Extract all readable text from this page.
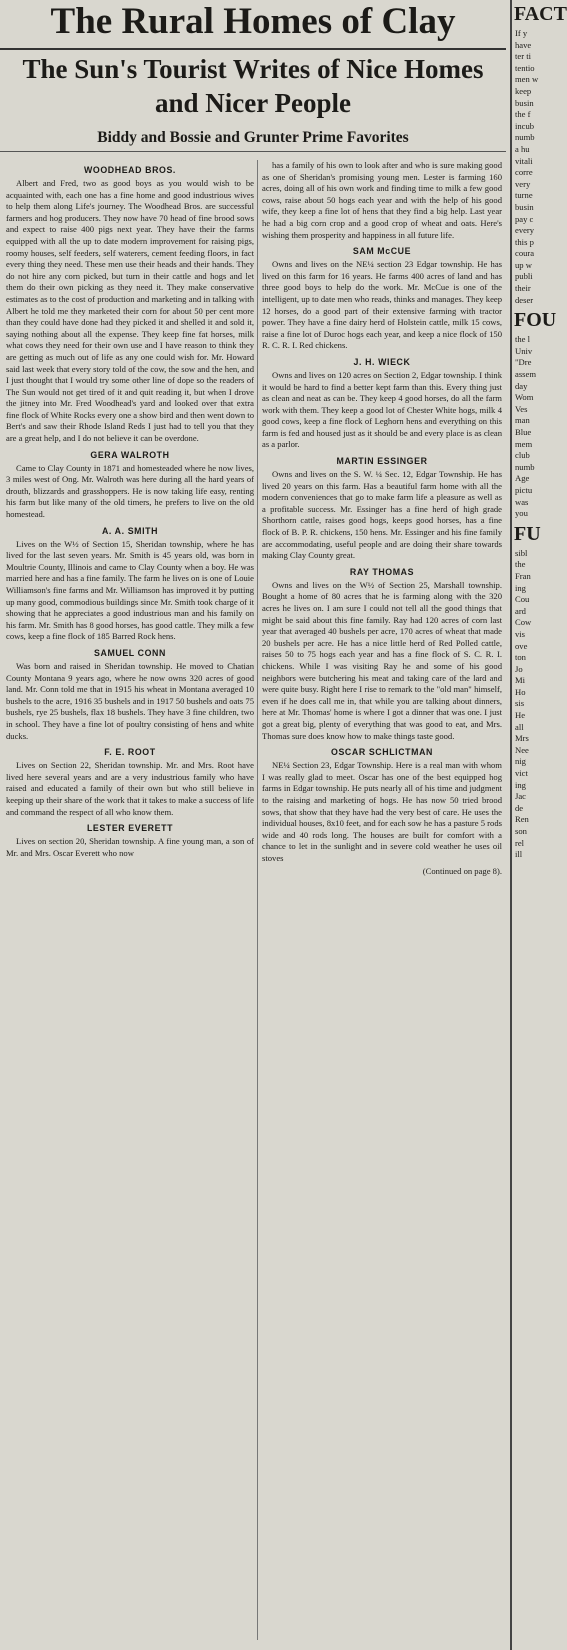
The Rural Homes of Clay
The Sun's Tourist Writes of Nice Homes and Nicer People
Biddy and Bossie and Grunter Prime Favorites
WOODHEAD BROS.

Albert and Fred, two as good boys as you would wish to be acquainted with, each one has a fine home and good industrious wives to help them along Life's journey. The Woodhead Bros. are successful farmers and hog producers. They now have 70 head of fine brood sows and expect to raise 400 pigs next year. They have their the farms equipped with all the up to date modern improvement for raising pigs, roomy houses, self feeders, self waterers, cement feeding floors, in fact every thing they need. These men use their heads and their hands. They do not hire any corn picked, but turn in their cattle and hogs and let them do their own picking as they need it. They make conservative estimates as to the cost of production and marketing and in talking with Albert he told me they marketed their corn for about 50 per cent more than they could have done had they picked it and shelled it and sold it, saying nothing about all the expense. They keep fine fat horses, milk what cows they need for their own use and I have reason to think they are getting as much out of life as any one could wish for. Mr. Howard said last week that every story told of the cow, the sow and the hen, and I just thought that I would try some other line of dope so the readers of The Sun would not get tired of it and quit reading it, but when I drove the jitney into Mr. Fred Woodhead's yard and looked over that extra fine flock of White Rocks every one a show bird and then went down to Bert's and saw their Rhode Island Reds I just had to tell you that they are a great help, and I do not believe it can be overdone.

GERA WALROTH

Came to Clay County in 1871 and homesteaded where he now lives, 3 miles west of Ong. Mr. Walroth was here during all the hard years of drouth, blizzards and grasshoppers. He is now taking life easy, renting his farm but like many of the old timers, he prefers to live on the old homestead.

A. A. SMITH

Lives on the W½ of Section 15, Sheridan township, where he has lived for the last seven years. Mr. Smith is 45 years old, was born in Moultrie County, Illinois and came to Clay County when a boy. He was married here and has a fine family. The farm he lives on is one of Louie Williamson's fine farms and Mr. Williamson has improved it by putting up many good, commodious buildings since Mr. Smith took charge of it showing that he appreciates a good industrious man and his family on his farm. Mr. Smith has 8 good horses, has good cattle. They milk a few cows, keep a fine flock of 185 Barred Rock hens.

SAMUEL CONN

Was born and raised in Sheridan township. He moved to Chatian County Montana 9 years ago, where he now owns 320 acres of good land. Mr. Conn told me that in 1915 his wheat in Montana averaged 10 bushels to the acre, 1916 35 bushels and in 1917 50 bushels and oats 75 bushels, rye 25 bushels, flax 18 bushels. They have 3 fine children, two in school. They have a fine lot of poultry consisting of hens and white ducks.

F. E. ROOT

Lives on Section 22, Sheridan township. Mr. and Mrs. Root have lived here several years and are a very industrious family who have raised and educated a family of their own but who still believe in keeping up their share of the work that it takes to make a success of life and command the respect of all who know them.

LESTER EVERETT

Lives on section 20, Sheridan township. A fine young man, a son of Mr. and Mrs. Oscar Everett who now

has a family of his own to look after and who is sure making good as one of Sheridan's promising young men. Lester is farming 160 acres, doing all of his own work and finding time to milk a few good cows, raise about 50 hogs each year and with the help of his good wife, they keep a fine lot of hens that they find a big help. Last year he had a big corn crop and a good crop of wheat and oats. Here's wishing them prosperity and happiness in all future life.

SAM McCUE

Owns and lives on the NE¼ section 23 Edgar township. He has lived on this farm for 16 years. He farms 400 acres of land and has three good boys to help do the work. Mr. McCue is one of the intelligent, up to date men who reads, thinks and manages. They keep 12 horses, do a good part of their extensive farming with tractor power. They have a fine dairy herd of Holstein cattle, milk 15 cows, raise a fine lot of Duroc hogs each year, and keep a nice flock of 150 R. C. R. I. Red chickens.

J. H. WIECK

Owns and lives on 120 acres on Section 2, Edgar township. I think it would be hard to find a better kept farm than this. Every thing just as clean and neat as can be. They keep 4 good horses, do all the farm work with them. They keep a good lot of Chester White hogs, milk 4 good cows, keep a fine flock of Leghorn hens and everything on this farm is fed and housed just as it should be and every place is as clean as a parlor.

MARTIN ESSINGER

Owns and lives on the S. W. ¼ Sec. 12, Edgar Township. He has lived 20 years on this farm. Has a beautiful farm home with all the modern conveniences that go to make farm life a pleasure as well as a profitable success. Mr. Essinger has a fine herd of high grade Shorthorn cattle, raises good hogs, keeps good horses, has a fine flock of B. P. R. chickens, 150 hens. Mr. Essinger and his fine family are accommodating, useful people and are doing their share towards making Clay County great.

RAY THOMAS

Owns and lives on the W½ of Section 25, Marshall township. Bought a home of 80 acres that he is farming along with the 320 acres he lives on. I am sure I could not tell all the good things that might be said about this fine family. Ray had 120 acres of corn last year that averaged 40 bushels per acre, 170 acres of wheat that made 20 bushels per acre. He has a nice little herd of Red Polled cattle, raises 50 to 75 hogs each year and has a fine flock of S. C. R. I. chickens. While I was visiting Ray he and some of his good neighbors were butchering his meat and taking care of the lard and were quite busy. Right here I rise to remark to the "old man" himself, even if he does call me in, that while you are talking about dinners, here at Mr. Thomas' home is where I got a dinner that was one. I just got a great big, plenty of everything that was good to eat, and Mrs. Thomas sure does know how to make things taste good.

OSCAR SCHLICTMAN

NE¼ Section 23, Edgar Township. Here is a real man with whom I was really glad to meet. Oscar has one of the best equipped hog farms in Edgar township. He puts nearly all of his time and judgment to the raising and marketing of hogs. He has now 50 tried brood sows, that show that they have had the very best of care. He uses the individual houses, 8x10 feet, and for each sow he has a pasture 5 rods wide and 40 rods long. The houses are built for comfort with a chance to let in the sunlight and in severe cold weather he uses oil stoves

(Continued on page 8).
FACT
If y
have
ter ti
tentio
men w
keep
busin
the f
incub
numb
a hu
vitali
corre
very
turne
busin
pay c
every
this p
coura
up w
publi
their
deser
FOU
the l
Univ
"Dre
assem
day
Wom
Ves
man
Blue
mem
club
numb
Age
pictu
was
you
FU
sibl
the
Fran
ing
Cou
ard
Cow
vis
ove
ton
Jo
Mi
Ho
sis
He
all
Mrs
Nee
nig
vict
ing
Jac
de
Ren
son
rel
ill
